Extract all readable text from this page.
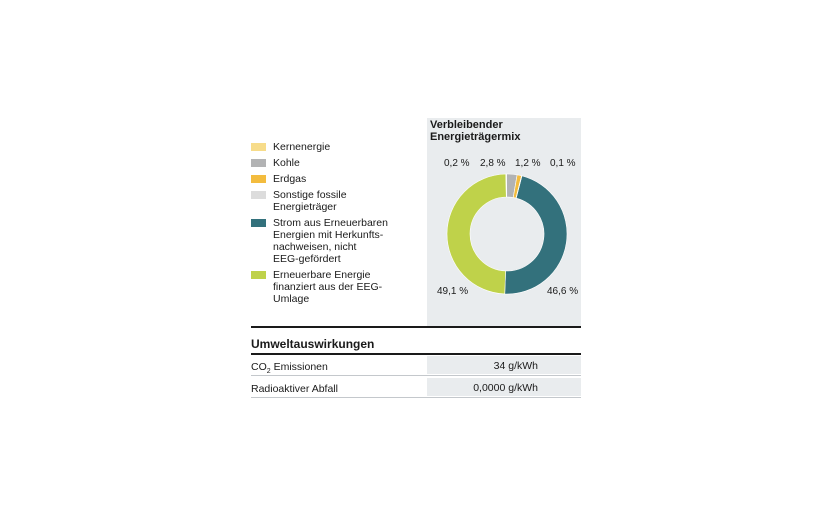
Verbleibender
Energieträgermix
0,2 % 2,8 % 1,2 % 0,1 %
49,1 %	46,6 %
Kernenergie
Kohle
Erdgas
Sonstige fossile
Energieträger
Strom aus Erneuerbaren
Energien mit Herkunfts-
nachweisen, nicht
EEG-gefördert
Erneuerbare Energie
finanziert aus der EEG-
Umlage
Umweltauswirkungen
$CO_2$ Emissionen	34 g/kWh
Radioaktiver Abfall	0,0000 g/kWh
